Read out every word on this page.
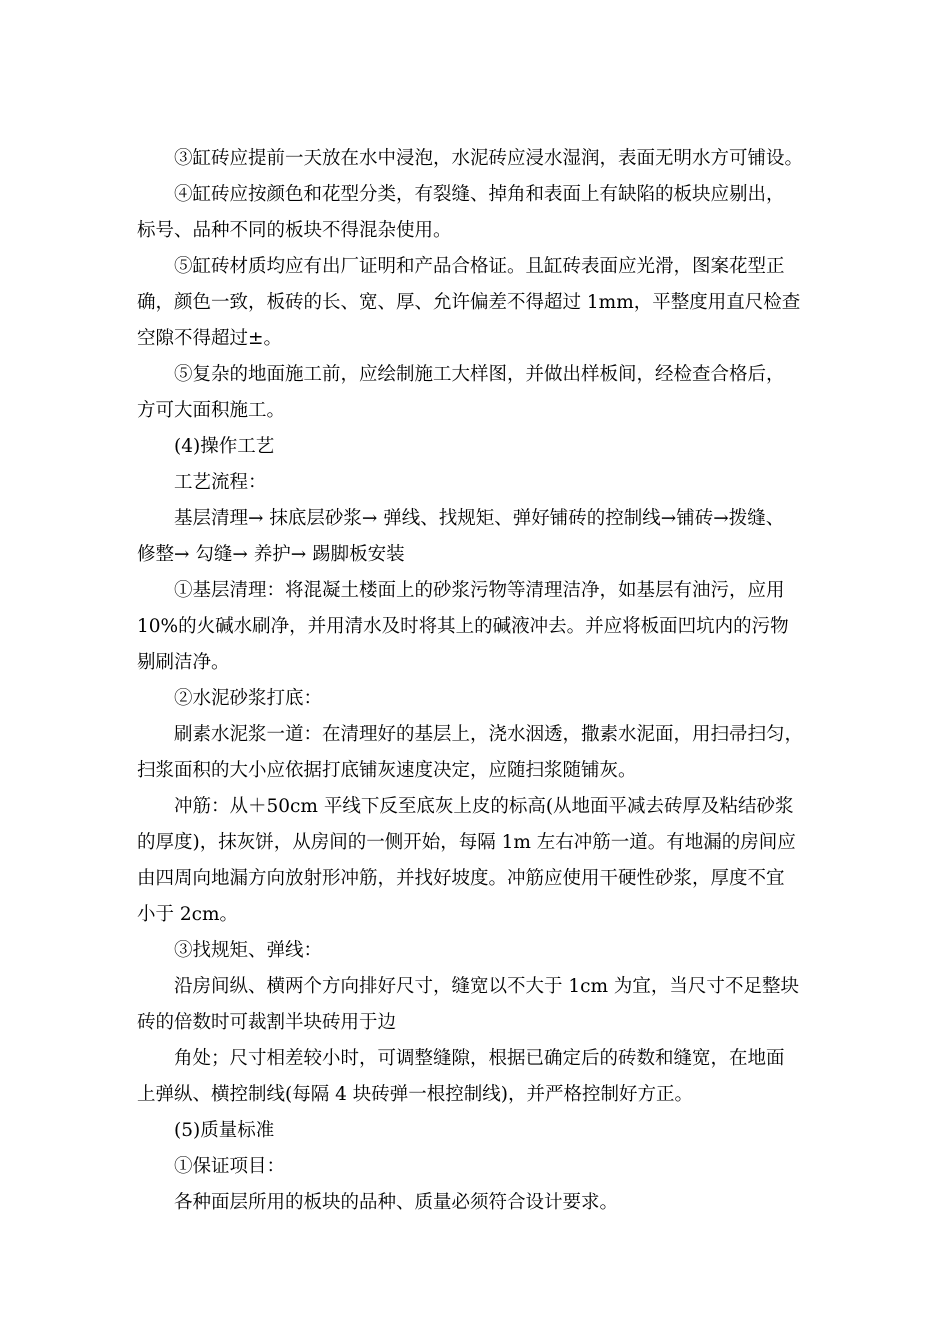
③缸砖应提前一天放在水中浸泡，水泥砖应浸水湿润，表面无明水方可铺设。
④缸砖应按颜色和花型分类，有裂缝、掉角和表面上有缺陷的板块应剔出，
标号、品种不同的板块不得混杂使用。
⑤缸砖材质均应有出厂证明和产品合格证。且缸砖表面应光滑，图案花型正
确，颜色一致，板砖的长、宽、厚、允许偏差不得超过 1mm，平整度用直尺检查
空隙不得超过±。
⑤复杂的地面施工前，应绘制施工大样图，并做出样板间，经检查合格后，
方可大面积施工。
(4)操作工艺
工艺流程：
基层清理→ 抹底层砂浆→ 弹线、找规矩、弹好铺砖的控制线→铺砖→拨缝、
修整→ 勾缝→ 养护→ 踢脚板安装
①基层清理：将混凝土楼面上的砂浆污物等清理洁净，如基层有油污，应用
10%的火碱水刷净，并用清水及时将其上的碱液冲去。并应将板面凹坑内的污物
剔刷洁净。
②水泥砂浆打底：
刷素水泥浆一道：在清理好的基层上，浇水洇透，撒素水泥面，用扫帚扫匀，
扫浆面积的大小应依据打底铺灰速度决定，应随扫浆随铺灰。
冲筋：从＋50cm 平线下反至底灰上皮的标高(从地面平减去砖厚及粘结砂浆
的厚度)，抹灰饼，从房间的一侧开始，每隔 1m 左右冲筋一道。有地漏的房间应
由四周向地漏方向放射形冲筋，并找好坡度。冲筋应使用干硬性砂浆，厚度不宜
小于 2cm。
③找规矩、弹线：
沿房间纵、横两个方向排好尺寸，缝宽以不大于 1cm 为宜，当尺寸不足整块
砖的倍数时可裁割半块砖用于边
角处；尺寸相差较小时，可调整缝隙，根据已确定后的砖数和缝宽，在地面
上弹纵、横控制线(每隔 4 块砖弹一根控制线)，并严格控制好方正。
(5)质量标准
①保证项目：
各种面层所用的板块的品种、质量必须符合设计要求。
